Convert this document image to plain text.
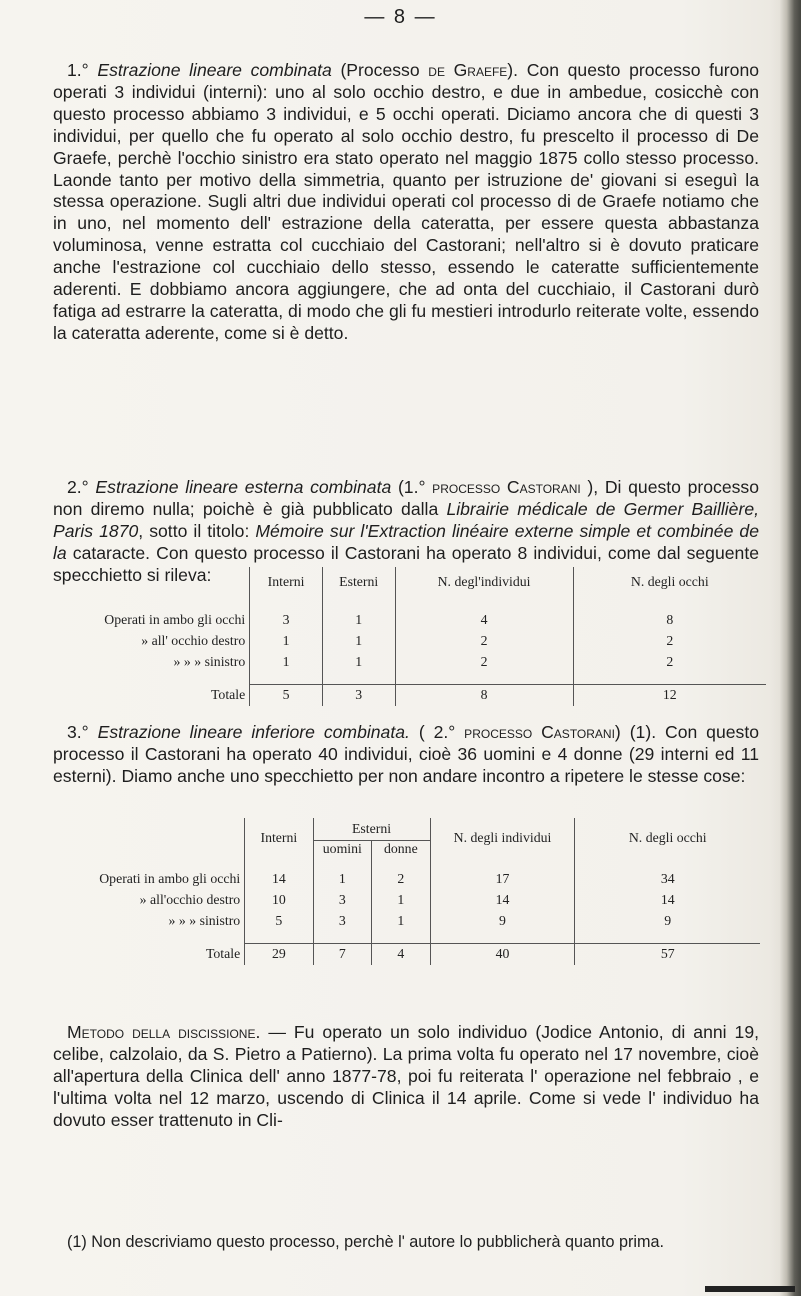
— 8 —

1.° Estrazione lineare combinata (Processo de Graefe). Con questo processo furono operati 3 individui (interni): uno al solo occhio destro, e due in ambedue, cosicchè con questo processo abbiamo 3 individui, e 5 occhi operati. Diciamo ancora che di questi 3 individui, per quello che fu operato al solo occhio destro, fu prescelto il processo di De Graefe, perchè l'occhio sinistro era stato operato nel maggio 1875 collo stesso processo. Laonde tanto per motivo della simmetria, quanto per istruzione de' giovani si eseguì la stessa operazione. Sugli altri due individui operati col processo di de Graefe notiamo che in uno, nel momento dell' estrazione della cateratta, per essere questa abbastanza voluminosa, venne estratta col cucchiaio del Castorani; nell'altro si è dovuto praticare anche l'estrazione col cucchiaio dello stesso, essendo le cateratte sufficientemente aderenti. E dobbiamo ancora aggiungere, che ad onta del cucchiaio, il Castorani durò fatiga ad estrarre la cateratta, di modo che gli fu mestieri introdurlo reiterate volte, essendo la cateratta aderente, come si è detto.

2.° Estrazione lineare esterna combinata (1.° processo Castorani ), Di questo processo non diremo nulla; poichè è già pubblicato dalla Librairie médicale de Germer Baillière, Paris 1870, sotto il titolo: Mémoire sur l'Extraction linéaire externe simple et combinée de la cataracte. Con questo processo il Castorani ha operato 8 individui, come dal seguente specchietto si rileva:

		Interni	Esterni	N. degl'individui	N. degli occhi

Operati in ambo gli occhi	3	1	4	8
» all' occhio destro	1	1	2	2
» » » sinistro	1	1	2	2

Totale	5	3	8	12

3.° Estrazione lineare inferiore combinata. ( 2.° processo Castorani) (1). Con questo processo il Castorani ha operato 40 individui, cioè 36 uomini e 4 donne (29 interni ed 11 esterni). Diamo anche uno specchietto per non andare incontro a ripetere le stesse cose:

	Interni	Esterni		N. degli individui	N. degli occhi
		uomini	donne		

Operati in ambo gli occhi	14	1	2	17	34
» all'occhio destro	10	3	1	14	14
» » » sinistro	5	3	1	9	9

Totale	29	7	4	40	57

Metodo della discissione. — Fu operato un solo individuo (Jodice Antonio, di anni 19, celibe, calzolaio, da S. Pietro a Patierno). La prima volta fu operato nel 17 novembre, cioè all'apertura della Clinica dell' anno 1877-78, poi fu reiterata l' operazione nel febbraio , e l'ultima volta nel 12 marzo, uscendo di Clinica il 14 aprile. Come si vede l' individuo ha dovuto esser trattenuto in Cli-

(1) Non descriviamo questo processo, perchè l' autore lo pubblicherà quanto prima.
